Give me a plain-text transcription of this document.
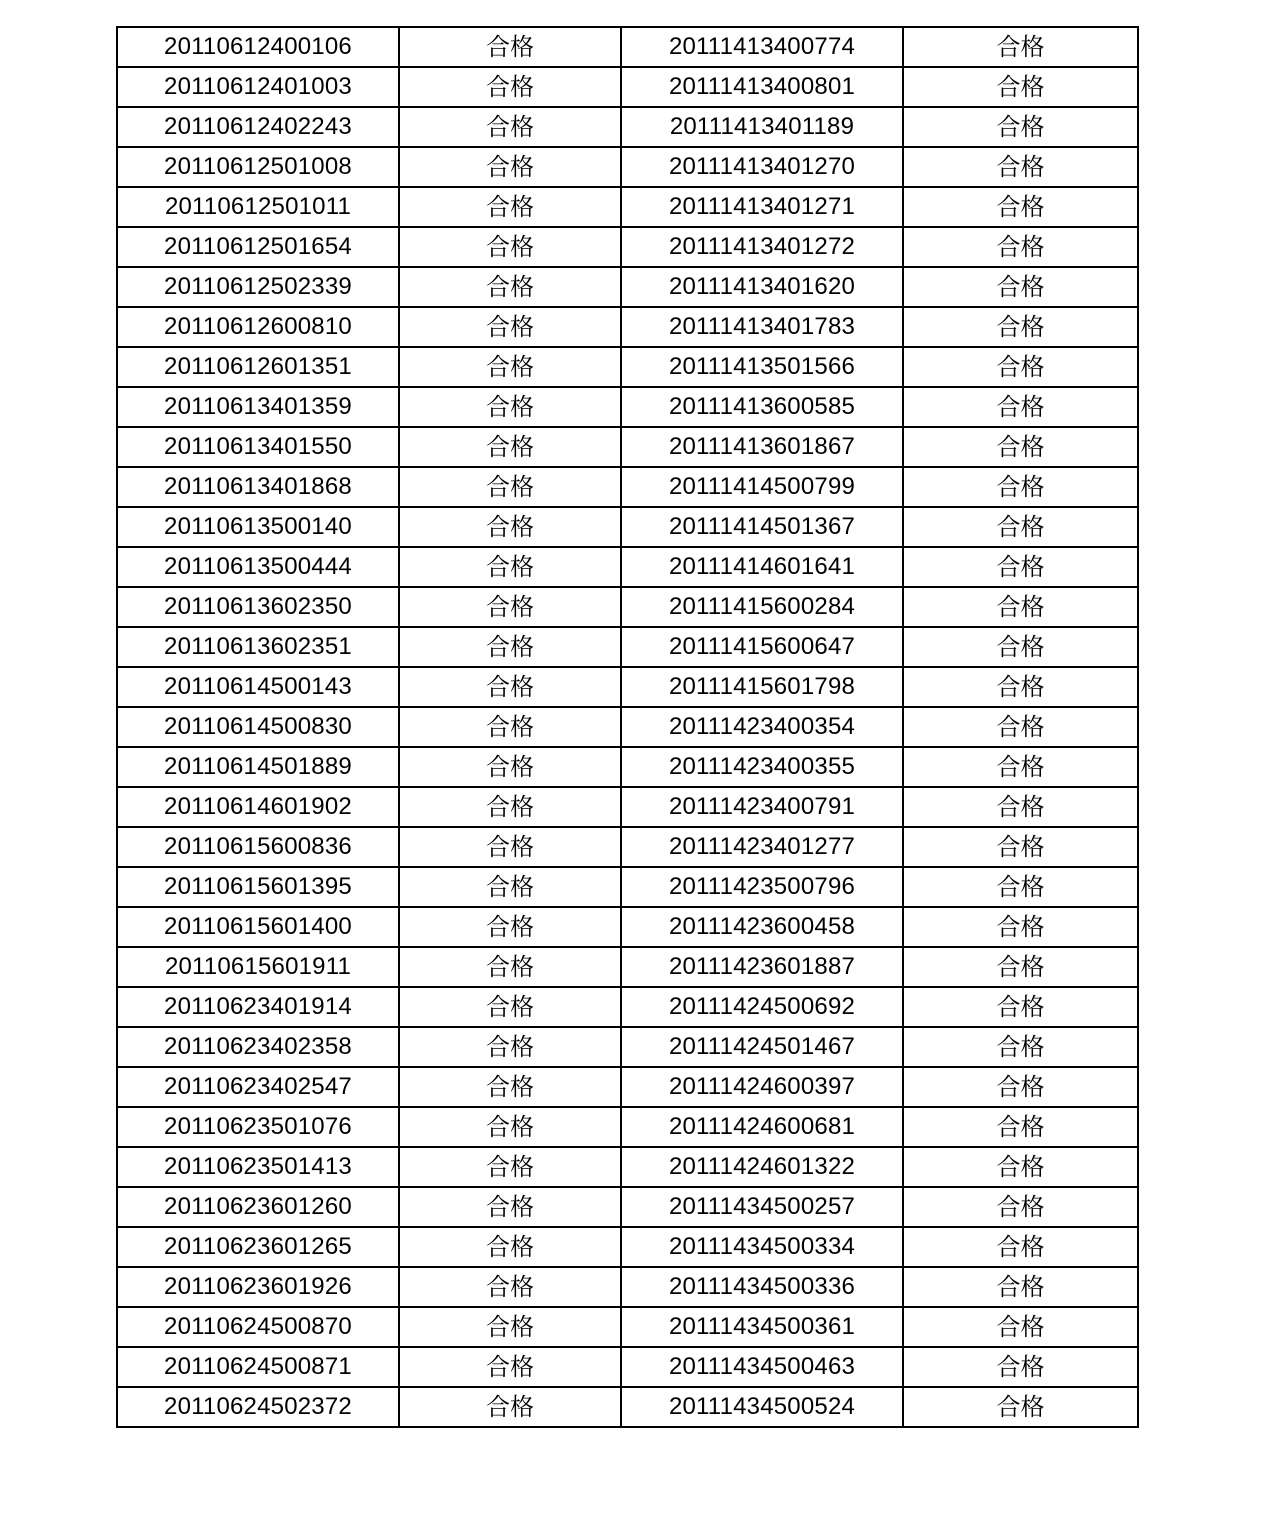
20110612400106	合格	20111413400774	合格
20110612401003	合格	20111413400801	合格
20110612402243	合格	20111413401189	合格
20110612501008	合格	20111413401270	合格
20110612501011	合格	20111413401271	合格
20110612501654	合格	20111413401272	合格
20110612502339	合格	20111413401620	合格
20110612600810	合格	20111413401783	合格
20110612601351	合格	20111413501566	合格
20110613401359	合格	20111413600585	合格
20110613401550	合格	20111413601867	合格
20110613401868	合格	20111414500799	合格
20110613500140	合格	20111414501367	合格
20110613500444	合格	20111414601641	合格
20110613602350	合格	20111415600284	合格
20110613602351	合格	20111415600647	合格
20110614500143	合格	20111415601798	合格
20110614500830	合格	20111423400354	合格
20110614501889	合格	20111423400355	合格
20110614601902	合格	20111423400791	合格
20110615600836	合格	20111423401277	合格
20110615601395	合格	20111423500796	合格
20110615601400	合格	20111423600458	合格
20110615601911	合格	20111423601887	合格
20110623401914	合格	20111424500692	合格
20110623402358	合格	20111424501467	合格
20110623402547	合格	20111424600397	合格
20110623501076	合格	20111424600681	合格
20110623501413	合格	20111424601322	合格
20110623601260	合格	20111434500257	合格
20110623601265	合格	20111434500334	合格
20110623601926	合格	20111434500336	合格
20110624500870	合格	20111434500361	合格
20110624500871	合格	20111434500463	合格
20110624502372	合格	20111434500524	合格
